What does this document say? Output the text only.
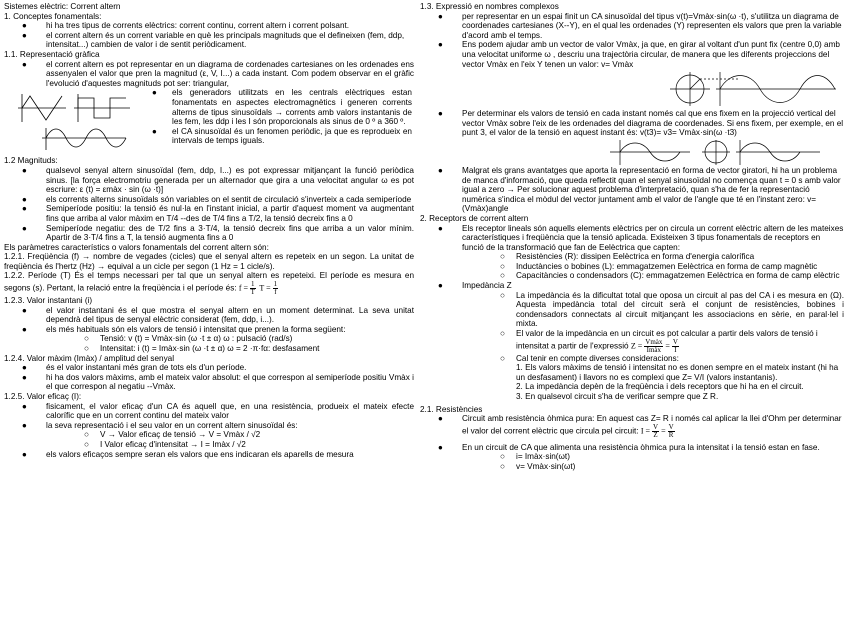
Sistemes elèctric: Corrent altern

1. Conceptes fonamentals:

● hi ha tres tipus de corrents elèctrics: corrent continu, corrent altern i corrent polsant.
● el corrent altern és un corrent variable en què les principals magnituds que el defineixen (fem, ddp, intensitat...) cambien de valor i de sentit periòdicament.

1.1. Representació gràfica

● el corrent altern es pot representar en un diagrama de cordenades cartesianes on les ordenades ens assenyalen el valor que pren la magnitud (ε, V, I...) a cada instant. Com podem observar en el gràfic l'evolució d'aquestes magnituds pot ser: triangular,
● els generadors utilitzats en les centrals elèctriques estan fonamentats en aspectes electromagnètics i generen corrents alterns de tipus sinusoïdals → corrents amb valors instantanis de les fem, les ddp i les I són proporcionals als sinus de 0 º a 360 º.
● el CA sinusoïdal és un fenomen periòdic, ja que es reprodueix en intervals de temps iguals.

1.2 Magnituds:

● qualsevol senyal altern sinusoïdal (fem, ddp, I...) es pot expressar mitjançant la funció periòdica sinus. [la força electromotriu generada per un alternador que gira a una velocitat angular ω es pot escriure: ε (t) = εmàx · sin (ω ·t)]
● els corrents alterns sinusoïdals són variables on el sentit de circulació s'inverteix a cada semiperíode
● Semiperíode positiu: la tensió és nul·la en l'instant inicial, a partir d'aquest moment va augmentant fins que arriba al valor màxim en T/4 --des de T/4 fins a T/2, la tensió decreix fins a 0
● Semiperíode negatiu: des de T/2 fins a 3·T/4, la tensió decreix fins que arriba a un valor mínim. Apartir de 3·T/4 fins a T, la tensió augmenta fins a 0

Els paràmetres característics o valors fonamentals del corrent altern són:

1.2.1. Freqüència (f) → nombre de vegades (cicles) que el senyal altern es repeteix en un segon. La unitat de freqüència és l'hertz (Hz) → equival a un cicle per segon (1 Hz = 1 cicle/s).

1.2.2. Període (T) És el temps necessari per tal que un senyal altern es repeteixi. El període es mesura en segons (s). Pertant, la relació entre la freqüència i el període és: $f = \frac{1}{T}$ $T = \frac{1}{f}$

1.2.3. Valor instantani (i)

● el valor instantani és el que mostra el senyal altern en un moment determinat. La seva unitat dependrà del tipus de senyal elèctric considerat (fem, ddp, i...).
● els més habituals són els valors de tensió i intensitat que prenen la forma següent:
○ Tensió: v (t) = Vmàx·sin (ω ·t ± α) ω : pulsació (rad/s)
○ Intensitat: i (t) = Imàx·sin (ω ·t ± α) ω = 2 ·π·fα: desfasament

1.2.4. Valor màxim (Imàx) / amplitud del senyal

● és el valor instantani més gran de tots els d'un període.
● hi ha dos valors màxims, amb el mateix valor absolut: el que correspon al semiperíode positiu Vmàx i el que correspon al negatiu --Vmàx.

1.2.5. Valor eficaç (I):

● fisicament, el valor eficaç d'un CA és aquell que, en una resistència, produeix el mateix efecte calorífic que en un corrent continu del mateix valor
● la seva representació i el seu valor en un corrent altern sinusoïdal és:
○ V → Valor eficaç de tensió → V = Vmàx / √2
○ I Valor eficaç d'intensitat → I = Imàx / √2
● els valors eficaços sempre seran els valors que ens indicaran els aparells de mesura

1.3. Expressió en nombres complexos

● per representar en un espai finit un CA sinusoïdal del tipus v(t)=Vmàx·sin(ω ·t), s'utilitza un diagrama de coordenades cartesianes (X--Y), en el qual les ordenades (Y) representen els valors que pren la variable d'acord amb el temps.
● Ens podem ajudar amb un vector de valor Vmàx, ja que, en girar al voltant d'un punt fix (centre 0,0) amb una velocitat uniforme ω , descriu una trajectòria circular, de manera que les diferents projeccions del vector Vmàx en l'eix Y tenen un valor: v= Vmàx
● Per determinar els valors de tensió en cada instant només cal que ens fixem en la projecció vertical del vector Vmàx sobre l'eix de les ordenades del diagrama de coordenades. Si ens fixem, per exemple, en el punt 3, el valor de la tensió en aquest instant és: v(t3)= v3= Vmàx·sin(ω ·t3)
● Malgrat els grans avantatges que aporta la representació en forma de vector giratori, hi ha un problema de manca d'informació, que queda reflectit quan el senyal sinusoïdal no comença quan t = 0 s amb valor igual a zero → Per solucionar aquest problema d'interpretació, quan s'ha de fer la representació numèrica s'indica el mòdul del vector juntament amb el valor de l'angle que té en l'instant zero: v= (Vmàx)angle

2. Receptors de corrent altern

● Els receptor lineals són aquells elements elèctrics per on circula un corrent elèctric altern de les mateixes característiques i freqüència que la tensió aplicada. Existeixen 3 tipus fonamentals de receptors en funció de la transformació que fan de Eelèctrica que capten:
○ Resistències (R): dissipen Eelèctrica en forma d'energia calorífica
○ Inductàncies o bobines (L): emmagatzemen Eelèctrica en forma de camp magnètic
○ Capacitàncies o condensadors (C): emmagatzemen Eelèctrica en forma de camp elèctric
● Impedància Z
○ La impedància és la dificultat total que oposa un circuit al pas del CA i es mesura en (Ω). Aquesta impedància total del circuit serà el conjunt de resistències, bobines i condensadors connectats al circuit mitjançant les associacions en sèrie, en paral·lel i mixta.
○ El valor de la impedància en un circuit es pot calcular a partir dels valors de tensió i intensitat a partir de l'expressió $Z = \frac{\text{Vmàx}}{\text{Imàx}} = \frac{V}{I}$
○ Cal tenir en compte diverses consideracions:

1. Els valors màxims de tensió i intensitat no es donen sempre en el mateix instant (hi ha un desfasament) i llavors no es complexi que Z= V/I (valors instantanis).

2. La impedància depèn de la freqüència i dels receptors que hi ha en el circuit.

3. En qualsevol circuit s'ha de verificar sempre que Z R.

2.1. Resistències

● Circuit amb resistència òhmica pura: En aquest cas Z= R i només cal aplicar la llei d'Ohm per determinar el valor del corrent elèctric que circula pel circuit: $I = \frac{V}{Z} = \frac{V}{R}$
● En un circuit de CA que alimenta una resistència òhmica pura la intensitat i la tensió estan en fase.
○ i= Imàx·sin(ωt)
○ v= Vmàx·sin(ωt)
